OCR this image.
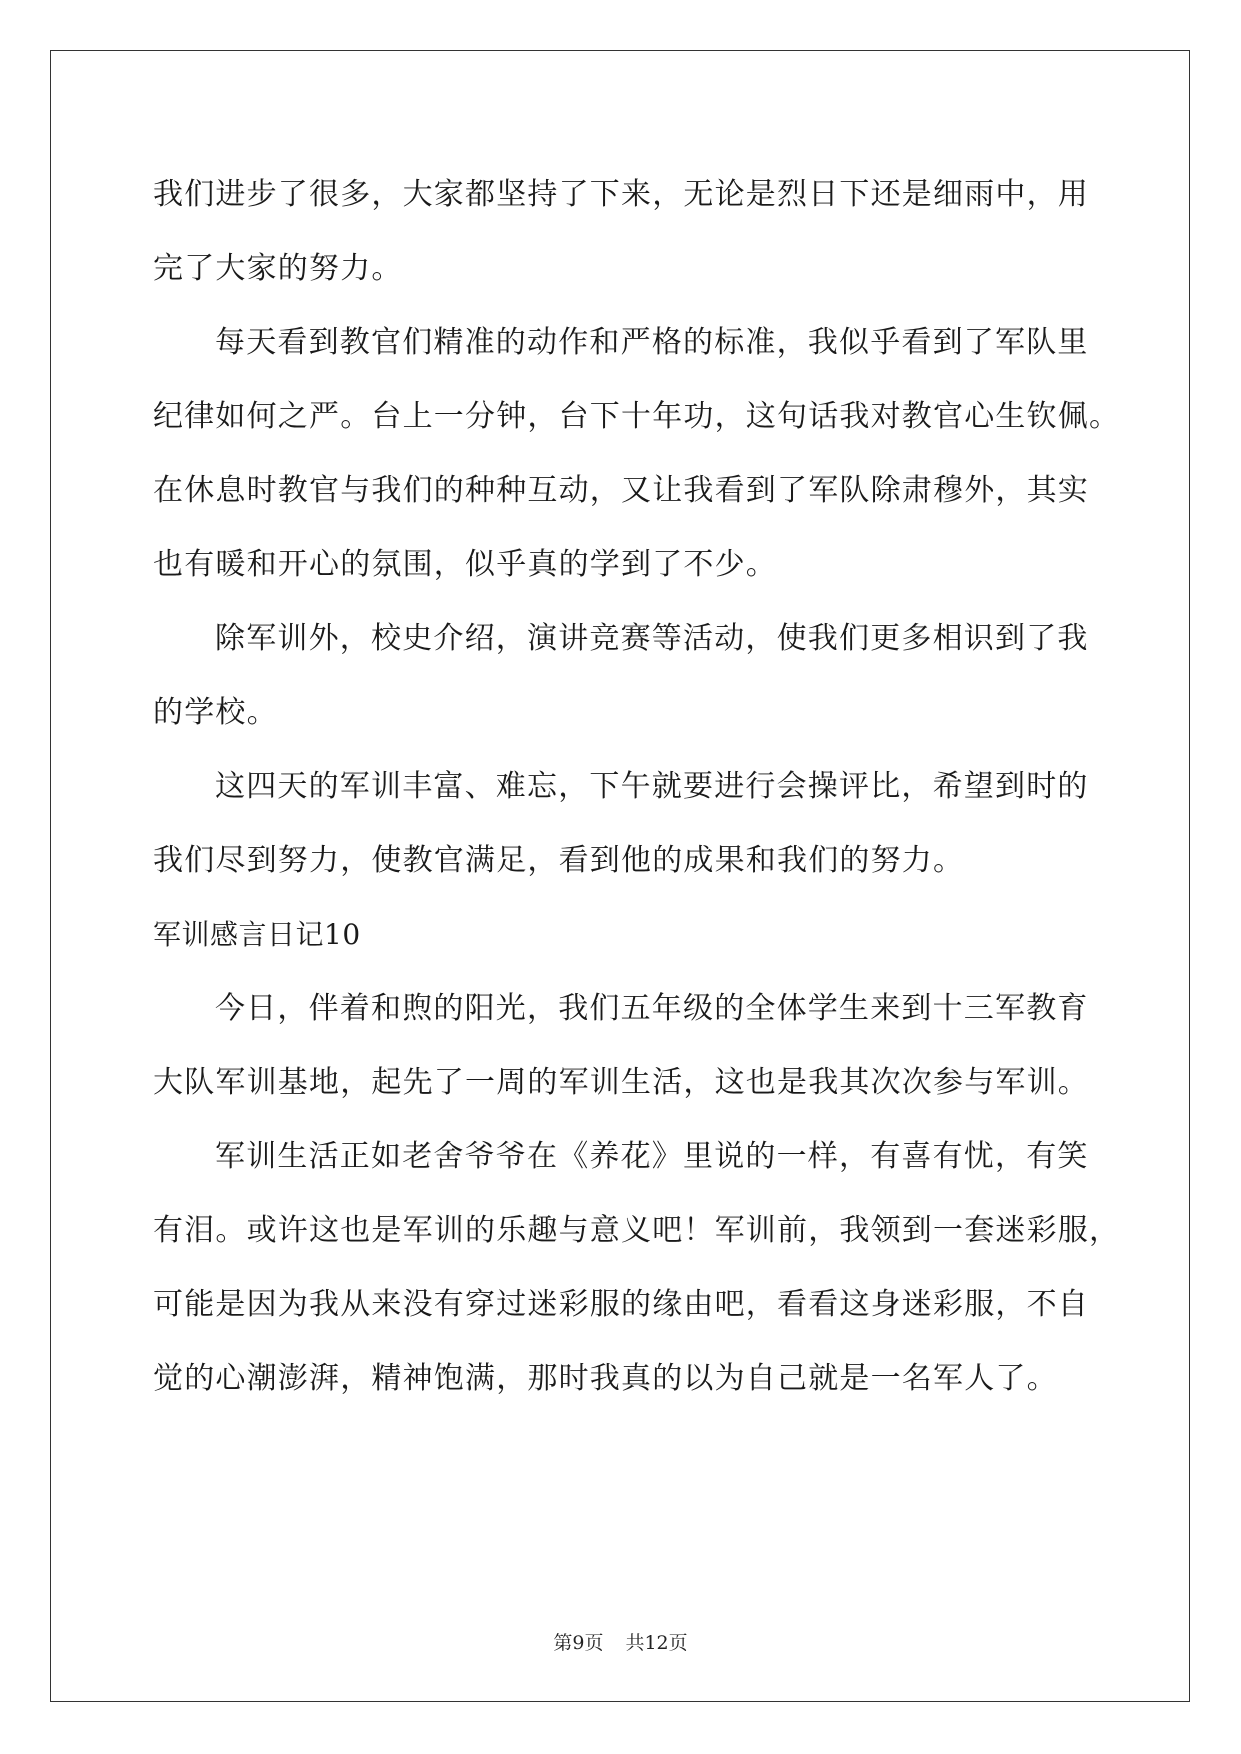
我们进步了很多，大家都坚持了下来，无论是烈日下还是细雨中，用
完了大家的努力。
每天看到教官们精准的动作和严格的标准，我似乎看到了军队里
纪律如何之严。台上一分钟，台下十年功，这句话我对教官心生钦佩。
在休息时教官与我们的种种互动，又让我看到了军队除肃穆外，其实
也有暖和开心的氛围，似乎真的学到了不少。
除军训外，校史介绍，演讲竞赛等活动，使我们更多相识到了我
的学校。
这四天的军训丰富、难忘，下午就要进行会操评比，希望到时的
我们尽到努力，使教官满足，看到他的成果和我们的努力。
军训感言日记10
今日，伴着和煦的阳光，我们五年级的全体学生来到十三军教育
大队军训基地，起先了一周的军训生活，这也是我其次次参与军训。
军训生活正如老舍爷爷在《养花》里说的一样，有喜有忧，有笑
有泪。或许这也是军训的乐趣与意义吧！军训前，我领到一套迷彩服，
可能是因为我从来没有穿过迷彩服的缘由吧，看看这身迷彩服，不自
觉的心潮澎湃，精神饱满，那时我真的以为自己就是一名军人了。
第9页 共12页
